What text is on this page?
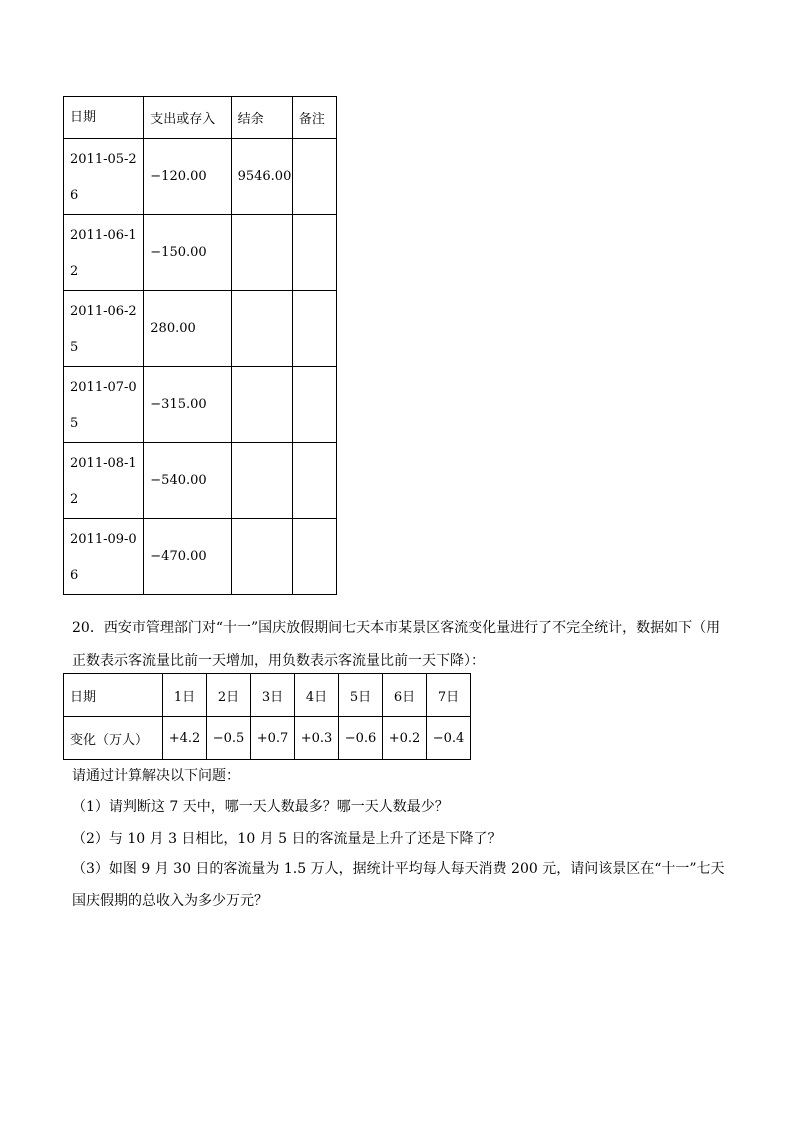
日期	支出或存入	结余	备注

2011-05-2
6	−120.00	9546.00	

2011-06-1
2	−150.00		

2011-06-2
5	280.00		

2011-07-0
5	−315.00		

2011-08-1
2	−540.00		

2011-09-0
6	−470.00		
20．西安市管理部门对“十一”国庆放假期间七天本市某景区客流变化量进行了不完全统计，数据如下（用正数表示客流量比前一天增加，用负数表示客流量比前一天下降）：
日期	1日	2日	3日	4日	5日	6日	7日
变化（万人）	+4.2	−0.5	+0.7	+0.3	−0.6	+0.2	−0.4
请通过计算解决以下问题：
（1）请判断这 7 天中，哪一天人数最多？哪一天人数最少？
（2）与 10 月 3 日相比，10 月 5 日的客流量是上升了还是下降了？
（3）如图 9 月 30 日的客流量为 1.5 万人，据统计平均每人每天消费 200 元，请问该景区在“十一”七天国庆假期的总收入为多少万元？
